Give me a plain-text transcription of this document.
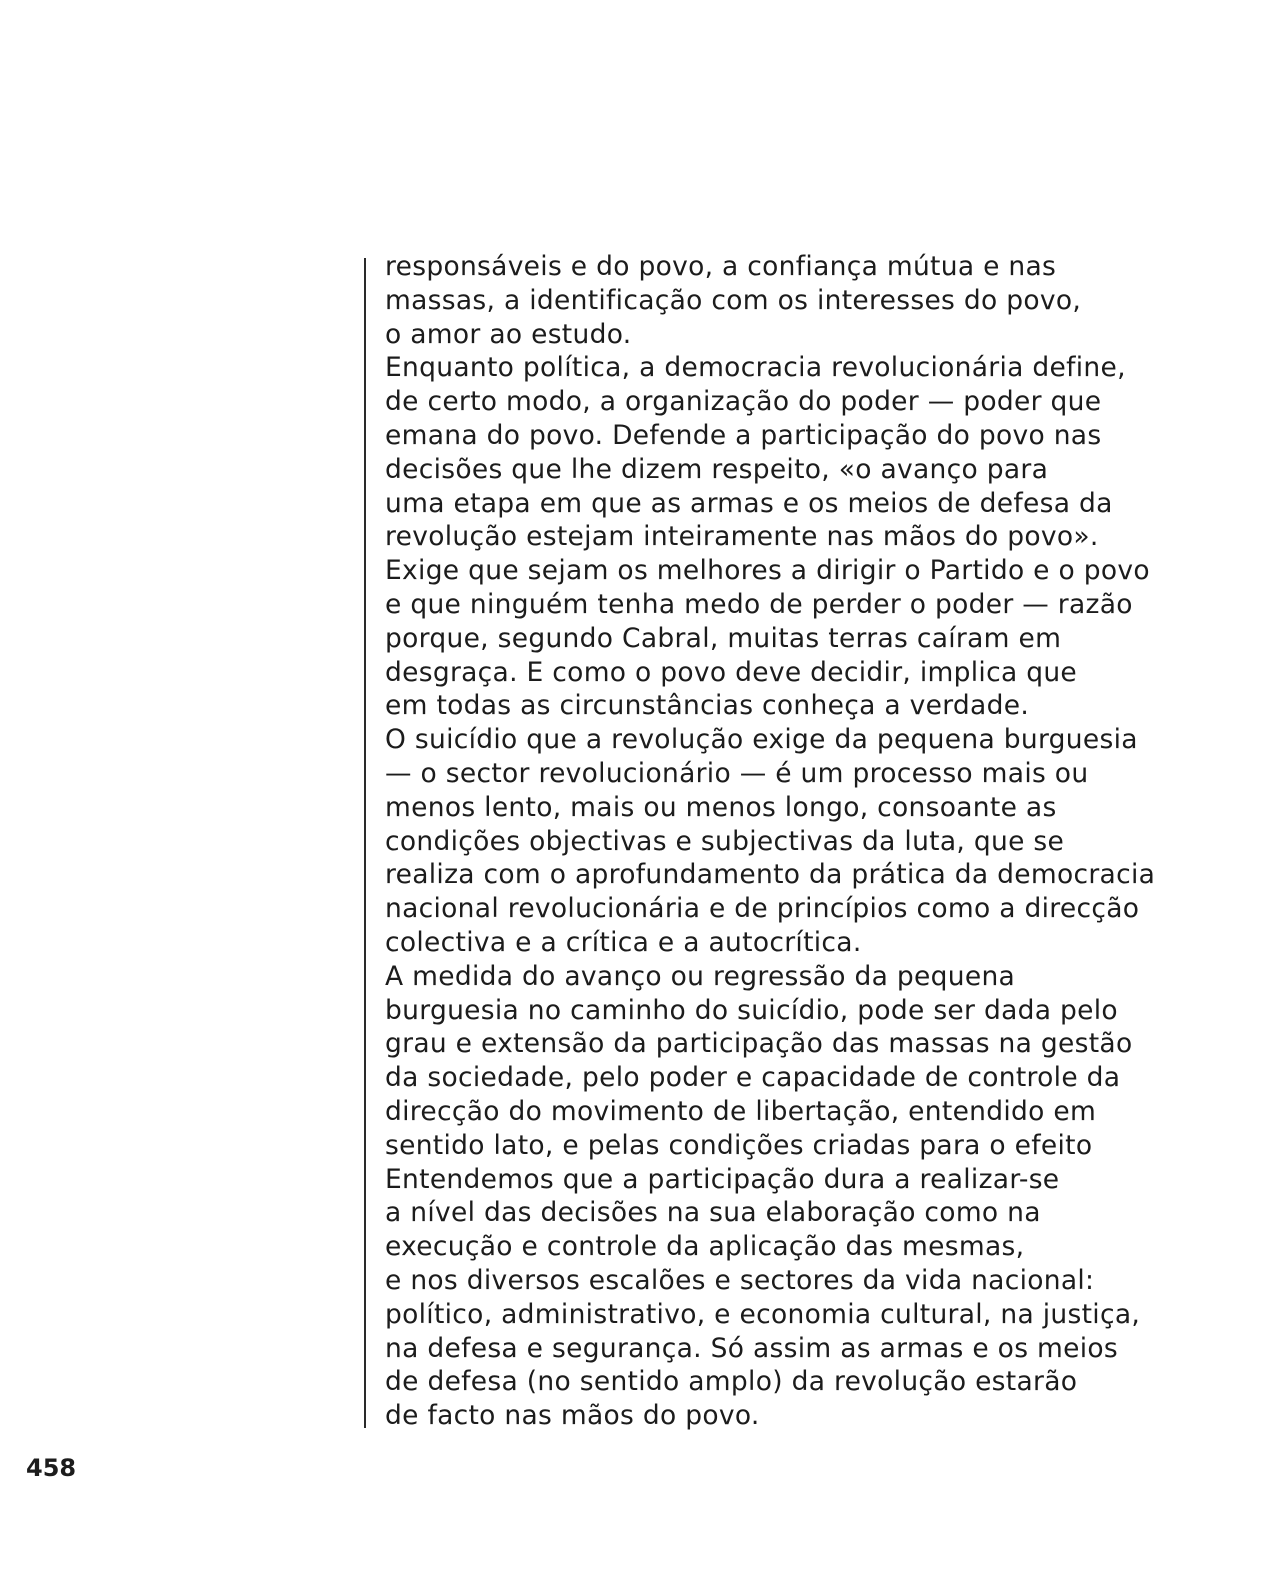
responsáveis e do povo, a confiança mútua e nas
massas, a identificação com os interesses do povo,
o amor ao estudo.
Enquanto política, a democracia revolucionária define,
de certo modo, a organização do poder — poder que
emana do povo. Defende a participação do povo nas
decisões que lhe dizem respeito, «o avanço para
uma etapa em que as armas e os meios de defesa da
revolução estejam inteiramente nas mãos do povo».
Exige que sejam os melhores a dirigir o Partido e o povo
e que ninguém tenha medo de perder o poder — razão
porque, segundo Cabral, muitas terras caíram em
desgraça. E como o povo deve decidir, implica que
em todas as circunstâncias conheça a verdade.
O suicídio que a revolução exige da pequena burguesia
— o sector revolucionário — é um processo mais ou
menos lento, mais ou menos longo, consoante as
condições objectivas e subjectivas da luta, que se
realiza com o aprofundamento da prática da democracia
nacional revolucionária e de princípios como a direcção
colectiva e a crítica e a autocrítica.
A medida do avanço ou regressão da pequena
burguesia no caminho do suicídio, pode ser dada pelo
grau e extensão da participação das massas na gestão
da sociedade, pelo poder e capacidade de controle da
direcção do movimento de libertação, entendido em
sentido lato, e pelas condições criadas para o efeito
Entendemos que a participação dura a realizar-se
a nível das decisões na sua elaboração como na
execução e controle da aplicação das mesmas,
e nos diversos escalões e sectores da vida nacional:
político, administrativo, e economia cultural, na justiça,
na defesa e segurança. Só assim as armas e os meios
de defesa (no sentido amplo) da revolução estarão
de facto nas mãos do povo.
458
